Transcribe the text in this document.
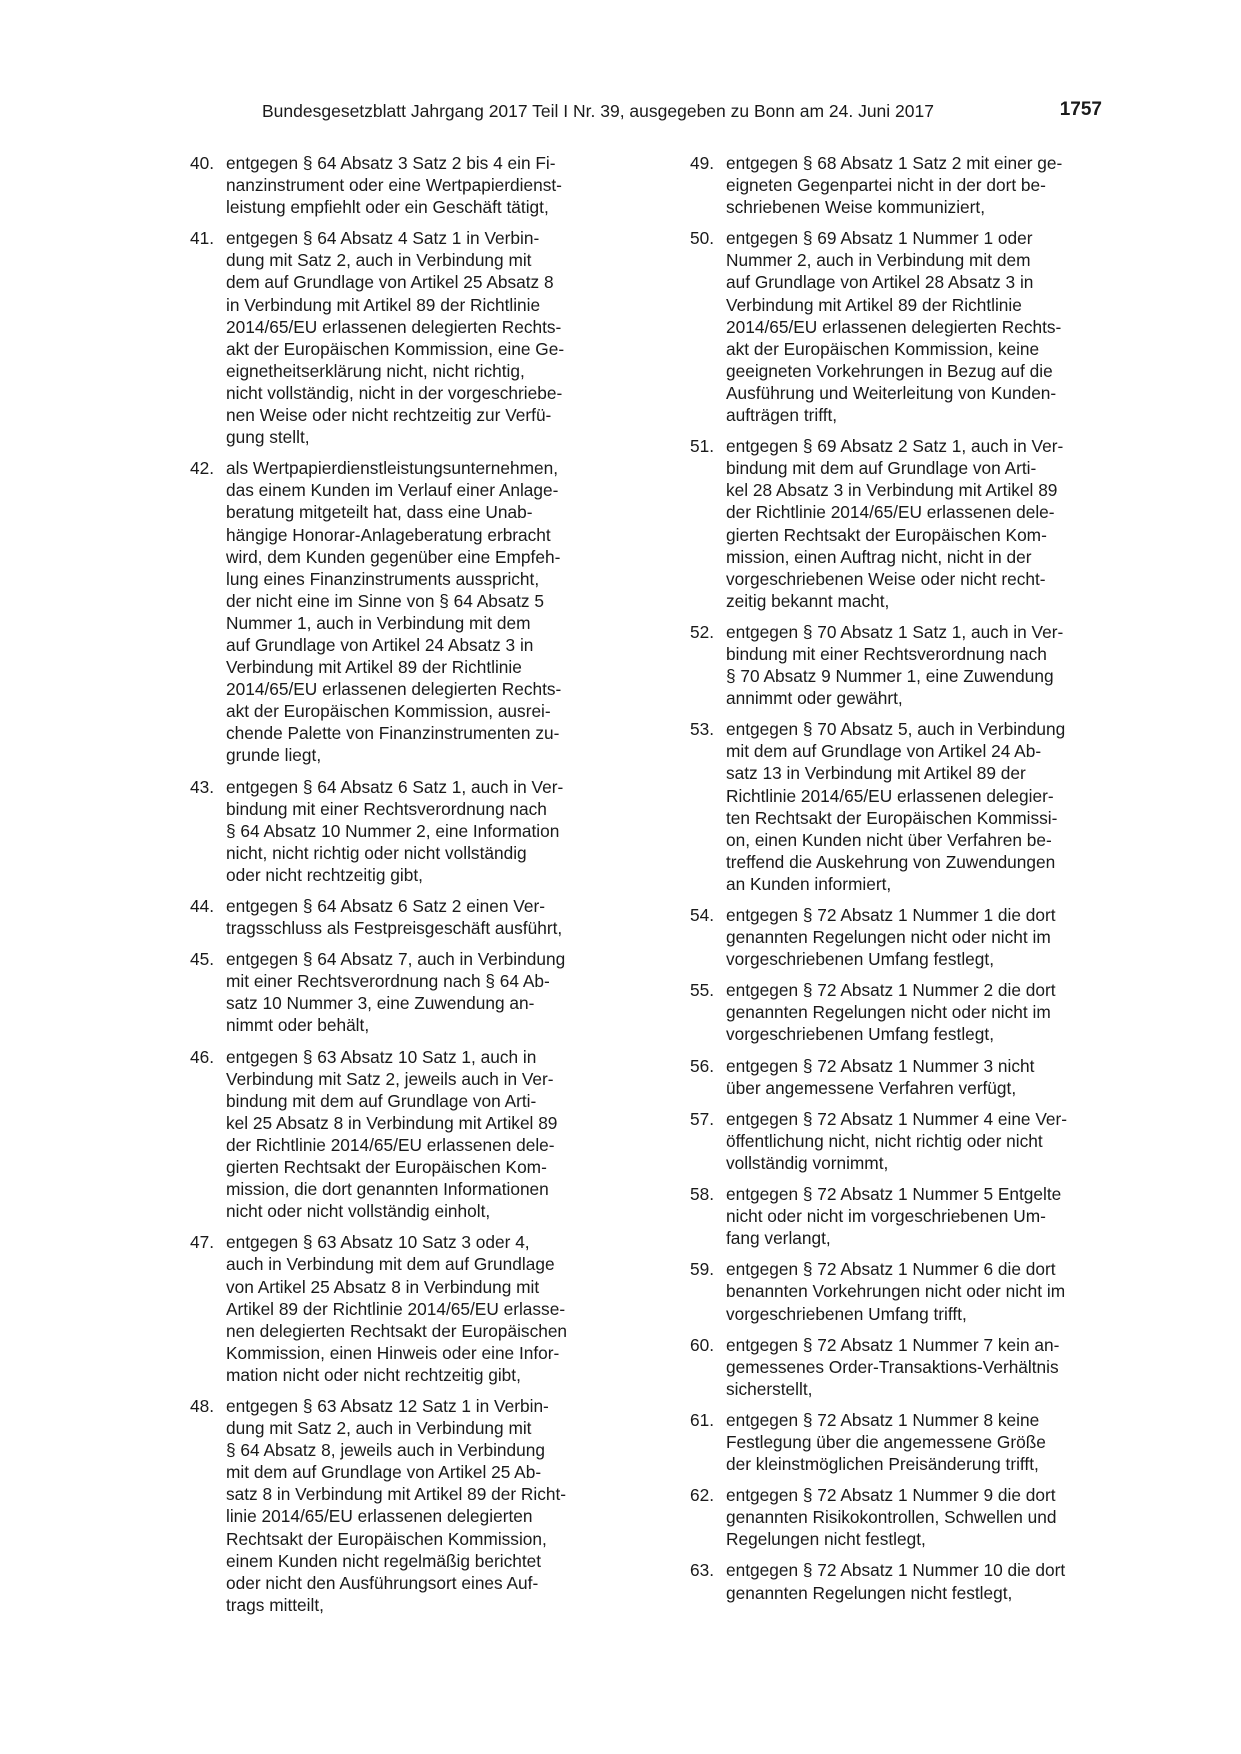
Bundesgesetzblatt Jahrgang 2017 Teil I Nr. 39, ausgegeben zu Bonn am 24. Juni 2017	1757
40. entgegen § 64 Absatz 3 Satz 2 bis 4 ein Fi-
nanzinstrument oder eine Wertpapierdienst-
leistung empfiehlt oder ein Geschäft tätigt,
41. entgegen § 64 Absatz 4 Satz 1 in Verbin-
dung mit Satz 2, auch in Verbindung mit
dem auf Grundlage von Artikel 25 Absatz 8
in Verbindung mit Artikel 89 der Richtlinie
2014/65/EU erlassenen delegierten Rechts-
akt der Europäischen Kommission, eine Ge-
eignetheitserklärung nicht, nicht richtig,
nicht vollständig, nicht in der vorgeschriebe-
nen Weise oder nicht rechtzeitig zur Verfü-
gung stellt,
42. als Wertpapierdienstleistungsunternehmen,
das einem Kunden im Verlauf einer Anlage-
beratung mitgeteilt hat, dass eine Unab-
hängige Honorar-Anlageberatung erbracht
wird, dem Kunden gegenüber eine Empfeh-
lung eines Finanzinstruments ausspricht,
der nicht eine im Sinne von § 64 Absatz 5
Nummer 1, auch in Verbindung mit dem
auf Grundlage von Artikel 24 Absatz 3 in
Verbindung mit Artikel 89 der Richtlinie
2014/65/EU erlassenen delegierten Rechts-
akt der Europäischen Kommission, ausrei-
chende Palette von Finanzinstrumenten zu-
grunde liegt,
43. entgegen § 64 Absatz 6 Satz 1, auch in Ver-
bindung mit einer Rechtsverordnung nach
§ 64 Absatz 10 Nummer 2, eine Information
nicht, nicht richtig oder nicht vollständig
oder nicht rechtzeitig gibt,
44. entgegen § 64 Absatz 6 Satz 2 einen Ver-
tragsschluss als Festpreisgeschäft ausführt,
45. entgegen § 64 Absatz 7, auch in Verbindung
mit einer Rechtsverordnung nach § 64 Ab-
satz 10 Nummer 3, eine Zuwendung an-
nimmt oder behält,
46. entgegen § 63 Absatz 10 Satz 1, auch in
Verbindung mit Satz 2, jeweils auch in Ver-
bindung mit dem auf Grundlage von Arti-
kel 25 Absatz 8 in Verbindung mit Artikel 89
der Richtlinie 2014/65/EU erlassenen dele-
gierten Rechtsakt der Europäischen Kom-
mission, die dort genannten Informationen
nicht oder nicht vollständig einholt,
47. entgegen § 63 Absatz 10 Satz 3 oder 4,
auch in Verbindung mit dem auf Grundlage
von Artikel 25 Absatz 8 in Verbindung mit
Artikel 89 der Richtlinie 2014/65/EU erlasse-
nen delegierten Rechtsakt der Europäischen
Kommission, einen Hinweis oder eine Infor-
mation nicht oder nicht rechtzeitig gibt,
48. entgegen § 63 Absatz 12 Satz 1 in Verbin-
dung mit Satz 2, auch in Verbindung mit
§ 64 Absatz 8, jeweils auch in Verbindung
mit dem auf Grundlage von Artikel 25 Ab-
satz 8 in Verbindung mit Artikel 89 der Richt-
linie 2014/65/EU erlassenen delegierten
Rechtsakt der Europäischen Kommission,
einem Kunden nicht regelmäßig berichtet
oder nicht den Ausführungsort eines Auf-
trags mitteilt,
49. entgegen § 68 Absatz 1 Satz 2 mit einer ge-
eigneten Gegenpartei nicht in der dort be-
schriebenen Weise kommuniziert,
50. entgegen § 69 Absatz 1 Nummer 1 oder
Nummer 2, auch in Verbindung mit dem
auf Grundlage von Artikel 28 Absatz 3 in
Verbindung mit Artikel 89 der Richtlinie
2014/65/EU erlassenen delegierten Rechts-
akt der Europäischen Kommission, keine
geeigneten Vorkehrungen in Bezug auf die
Ausführung und Weiterleitung von Kunden-
aufträgen trifft,
51. entgegen § 69 Absatz 2 Satz 1, auch in Ver-
bindung mit dem auf Grundlage von Arti-
kel 28 Absatz 3 in Verbindung mit Artikel 89
der Richtlinie 2014/65/EU erlassenen dele-
gierten Rechtsakt der Europäischen Kom-
mission, einen Auftrag nicht, nicht in der
vorgeschriebenen Weise oder nicht recht-
zeitig bekannt macht,
52. entgegen § 70 Absatz 1 Satz 1, auch in Ver-
bindung mit einer Rechtsverordnung nach
§ 70 Absatz 9 Nummer 1, eine Zuwendung
annimmt oder gewährt,
53. entgegen § 70 Absatz 5, auch in Verbindung
mit dem auf Grundlage von Artikel 24 Ab-
satz 13 in Verbindung mit Artikel 89 der
Richtlinie 2014/65/EU erlassenen delegier-
ten Rechtsakt der Europäischen Kommissi-
on, einen Kunden nicht über Verfahren be-
treffend die Auskehrung von Zuwendungen
an Kunden informiert,
54. entgegen § 72 Absatz 1 Nummer 1 die dort
genannten Regelungen nicht oder nicht im
vorgeschriebenen Umfang festlegt,
55. entgegen § 72 Absatz 1 Nummer 2 die dort
genannten Regelungen nicht oder nicht im
vorgeschriebenen Umfang festlegt,
56. entgegen § 72 Absatz 1 Nummer 3 nicht
über angemessene Verfahren verfügt,
57. entgegen § 72 Absatz 1 Nummer 4 eine Ver-
öffentlichung nicht, nicht richtig oder nicht
vollständig vornimmt,
58. entgegen § 72 Absatz 1 Nummer 5 Entgelte
nicht oder nicht im vorgeschriebenen Um-
fang verlangt,
59. entgegen § 72 Absatz 1 Nummer 6 die dort
benannten Vorkehrungen nicht oder nicht im
vorgeschriebenen Umfang trifft,
60. entgegen § 72 Absatz 1 Nummer 7 kein an-
gemessenes Order-Transaktions-Verhältnis
sicherstellt,
61. entgegen § 72 Absatz 1 Nummer 8 keine
Festlegung über die angemessene Größe
der kleinstmöglichen Preisänderung trifft,
62. entgegen § 72 Absatz 1 Nummer 9 die dort
genannten Risikokontrollen, Schwellen und
Regelungen nicht festlegt,
63. entgegen § 72 Absatz 1 Nummer 10 die dort
genannten Regelungen nicht festlegt,
